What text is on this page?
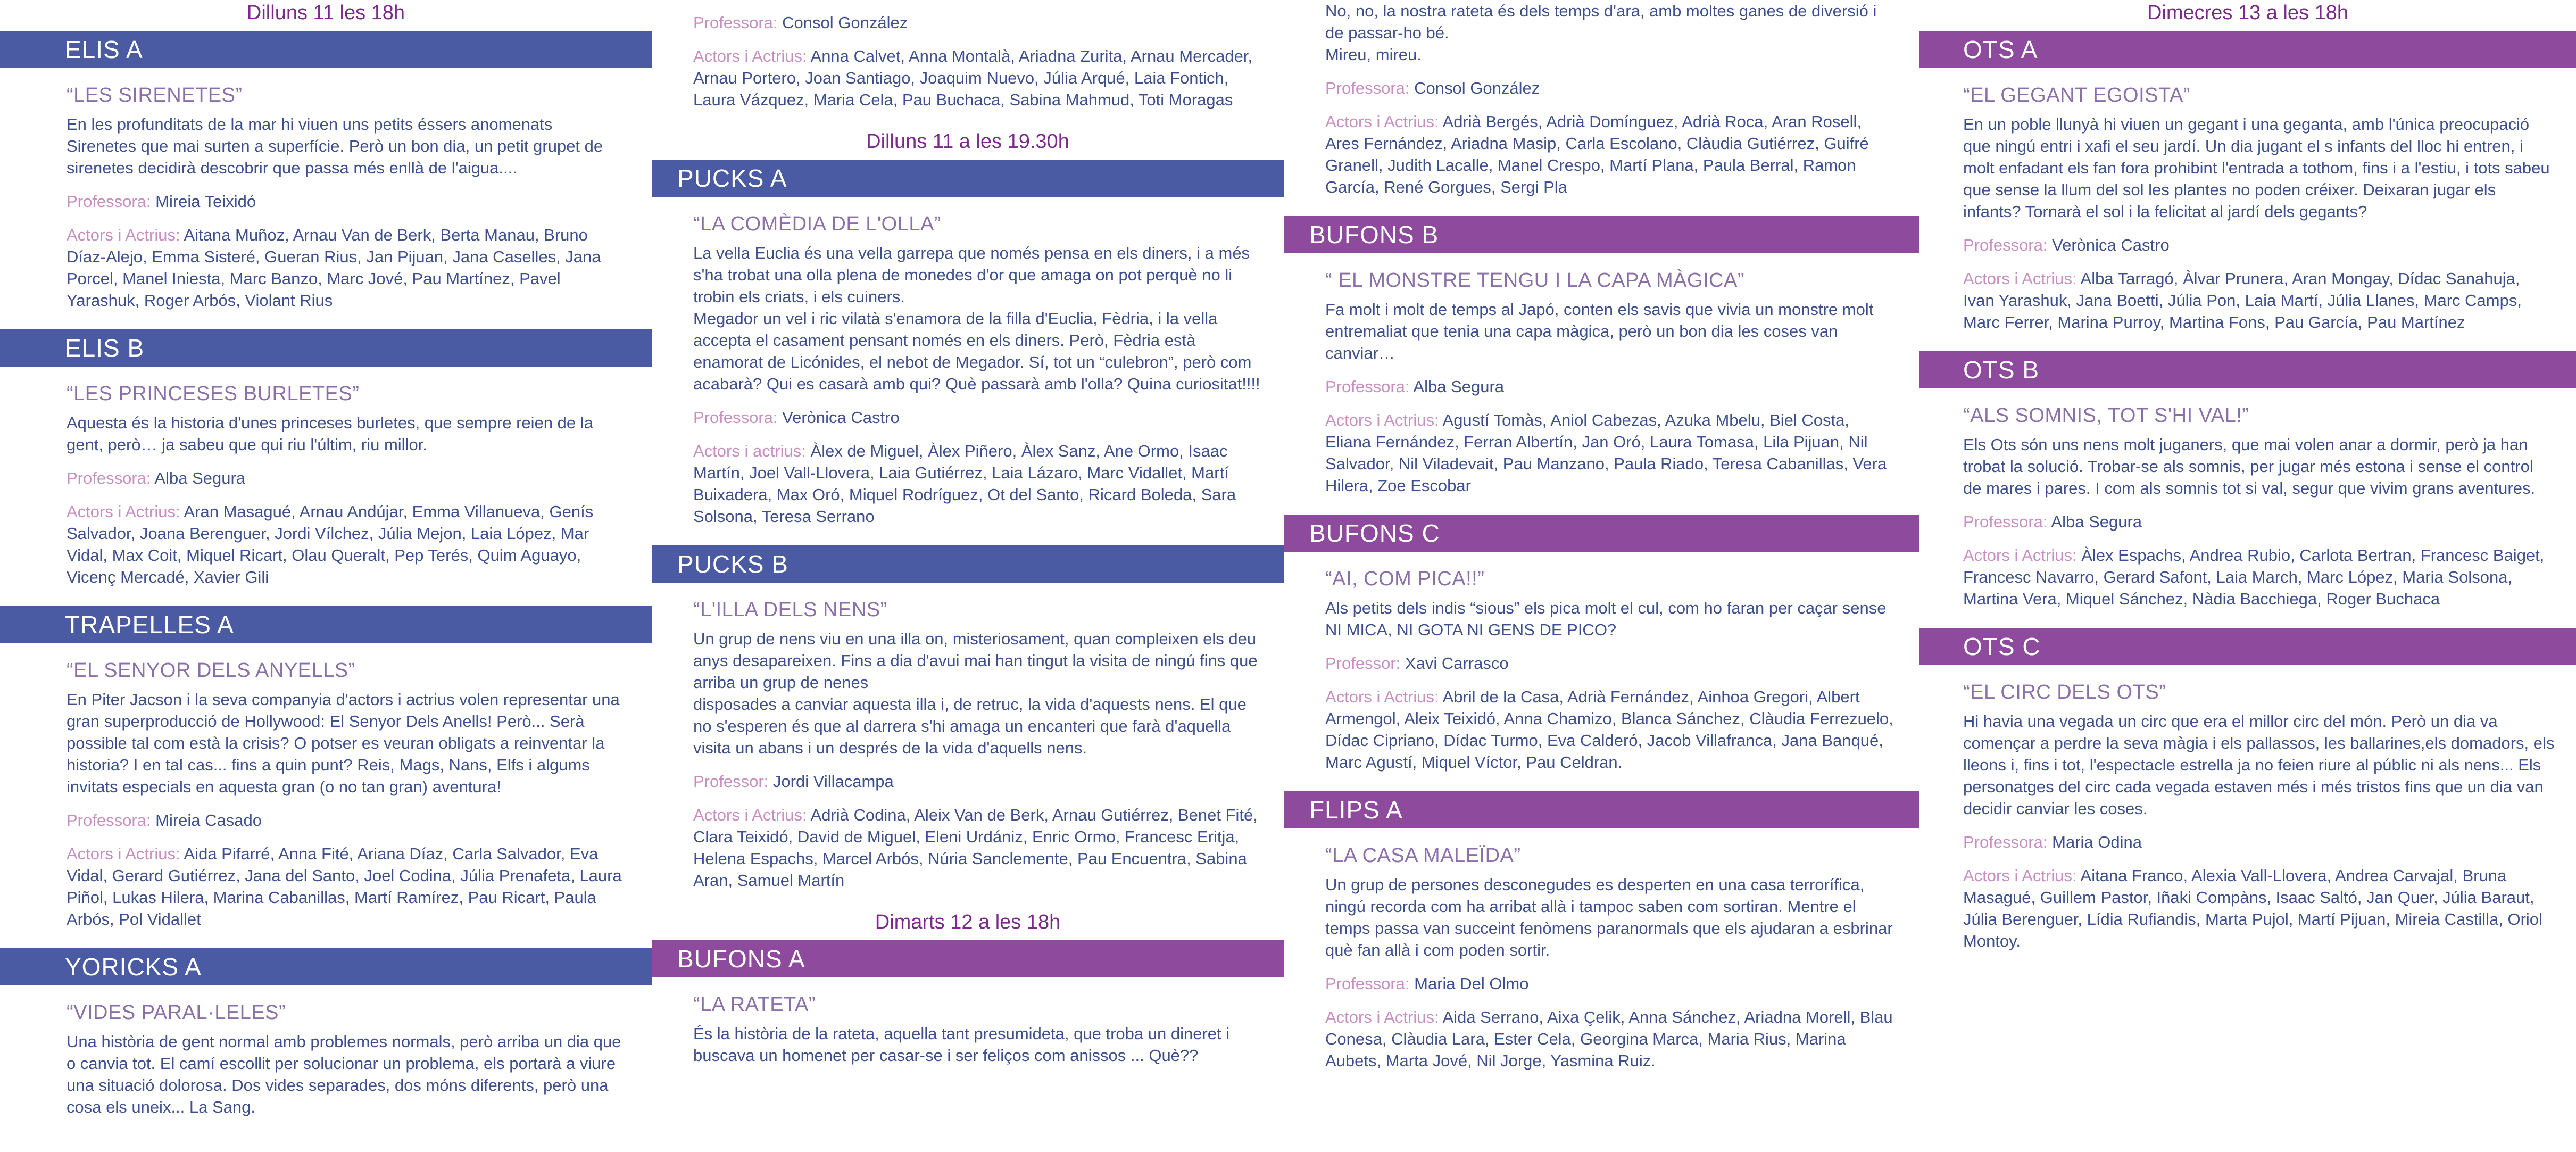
Dilluns 11 les 18h
ELIS A
“LES SIRENETES”
En les profunditats de la mar hi viuen uns petits éssers anomenats Sirenetes que mai surten a superfície. Però un bon dia, un petit grupet de sirenetes decidirà descobrir que passa més enllà de l'aigua....
Professora: Mireia Teixidó
Actors i Actrius: Aitana Muñoz, Arnau Van de Berk, Berta Manau, Bruno Díaz-Alejo, Emma Sisteré, Gueran Rius, Jan Pijuan, Jana Caselles, Jana Porcel, Manel Iniesta, Marc Banzo, Marc Jové, Pau Martínez, Pavel Yarashuk, Roger Arbós, Violant Rius
ELIS B
“LES PRINCESES BURLETES”
Aquesta és la historia d'unes princeses burletes, que sempre reien de la gent, però… ja sabeu que qui riu l'últim, riu millor.
Professora: Alba Segura
Actors i Actrius: Aran Masagué, Arnau Andújar, Emma Villanueva, Genís Salvador, Joana Berenguer, Jordi Vílchez, Júlia Mejon, Laia López, Mar Vidal, Max Coit, Miquel Ricart, Olau Queralt, Pep Terés, Quim Aguayo, Vicenç Mercadé, Xavier Gili
TRAPELLES A
“EL SENYOR DELS ANYELLS”
En Piter Jacson i la seva companyia d'actors i actrius volen representar una gran superproducció de Hollywood: El Senyor Dels Anells! Però... Serà possible tal com està la crisis? O potser es veuran obligats a reinventar la historia? I en tal cas... fins a quin punt? Reis, Mags, Nans, Elfs i algums invitats especials en aquesta gran (o no tan gran) aventura!
Professora: Mireia Casado
Actors i Actrius: Aida Pifarré, Anna Fité, Ariana Díaz, Carla Salvador, Eva Vidal, Gerard Gutiérrez, Jana del Santo, Joel Codina, Júlia Prenafeta, Laura Piñol, Lukas Hilera, Marina Cabanillas, Martí Ramírez, Pau Ricart, Paula Arbós, Pol Vidallet
YORICKS A
“VIDES PARAL·LELES”
Una història de gent normal amb problemes normals, però arriba un dia que o canvia tot. El camí escollit per solucionar un problema, els portarà a viure una situació dolorosa. Dos vides separades, dos móns diferents, però una cosa els uneix... La Sang.
Professora: Consol González
Actors i Actrius: Anna Calvet, Anna Montalà, Ariadna Zurita, Arnau Mercader, Arnau Portero, Joan Santiago, Joaquim Nuevo, Júlia Arqué, Laia Fontich, Laura Vázquez, Maria Cela, Pau Buchaca, Sabina Mahmud, Toti Moragas
Dilluns 11 a les 19.30h
PUCKS A
“LA COMÈDIA DE L'OLLA”
La vella Euclia és una vella garrepa que només pensa en els diners, i a més s'ha trobat una olla plena de monedes d'or que amaga on pot perquè no li trobin els criats, i els cuiners.
Megador un vel i ric vilatà s'enamora de la filla d'Euclia, Fèdria, i la vella accepta el casament pensant només en els diners. Però, Fèdria està enamorat de Licónides, el nebot de Megador. Sí, tot un “culebron”, però com acabarà? Qui es casarà amb qui? Què passarà amb l'olla? Quina curiositat!!!!
Professora: Verònica Castro
Actors i actrius: Àlex de Miguel, Àlex Piñero, Àlex Sanz, Ane Ormo, Isaac Martín, Joel Vall-Llovera, Laia Gutiérrez, Laia Lázaro, Marc Vidallet, Martí Buixadera, Max Oró, Miquel Rodríguez, Ot del Santo, Ricard Boleda, Sara Solsona, Teresa Serrano
PUCKS B
“L'ILLA DELS NENS”
Un grup de nens viu en una illa on, misteriosament, quan compleixen els deu anys desapareixen. Fins a dia d'avui mai han tingut la visita de ningú fins que arriba un grup de nenes
disposades a canviar aquesta illa i, de retruc, la vida d'aquests nens. El que no s'esperen és que al darrera s'hi amaga un encanteri que farà d'aquella visita un abans i un després de la vida d'aquells nens.
Professor: Jordi Villacampa
Actors i Actrius: Adrià Codina, Aleix Van de Berk, Arnau Gutiérrez, Benet Fité, Clara Teixidó, David de Miguel, Eleni Urdániz, Enric Ormo, Francesc Eritja, Helena Espachs, Marcel Arbós, Núria Sanclemente, Pau Encuentra, Sabina Aran, Samuel Martín
Dimarts 12 a les 18h
BUFONS A
“LA RATETA”
És la història de la rateta, aquella tant presumideta, que troba un dineret i buscava un homenet per casar-se i ser feliços com anissos ... Què??
No, no, la nostra rateta és dels temps d'ara, amb moltes ganes de diversió i de passar-ho bé.
Mireu, mireu.
Professora: Consol González
Actors i Actrius: Adrià Bergés, Adrià Domínguez, Adrià Roca, Aran Rosell, Ares Fernández, Ariadna Masip, Carla Escolano, Clàudia Gutiérrez, Guifré Granell, Judith Lacalle, Manel Crespo, Martí Plana, Paula Berral, Ramon García, René Gorgues, Sergi Pla
BUFONS B
“ EL MONSTRE TENGU I LA CAPA MÀGICA”
Fa molt i molt de temps al Japó, conten els savis que vivia un monstre molt entremaliat que tenia una capa màgica, però un bon dia les coses van canviar…
Professora: Alba Segura
Actors i Actrius: Agustí Tomàs, Aniol Cabezas, Azuka Mbelu, Biel Costa, Eliana Fernández, Ferran Albertín, Jan Oró, Laura Tomasa, Lila Pijuan, Nil Salvador, Nil Viladevait, Pau Manzano, Paula Riado, Teresa Cabanillas, Vera Hilera, Zoe Escobar
BUFONS C
“AI, COM PICA!!”
Als petits dels indis “sious” els pica molt el cul, com ho faran per caçar sense NI MICA, NI GOTA NI GENS DE PICO?
Professor: Xavi Carrasco
Actors i Actrius: Abril de la Casa, Adrià Fernández, Ainhoa Gregori, Albert Armengol, Aleix Teixidó, Anna Chamizo, Blanca Sánchez, Clàudia Ferrezuelo, Dídac Cipriano, Dídac Turmo, Eva Calderó, Jacob Villafranca, Jana Banqué, Marc Agustí, Miquel Víctor, Pau Celdran.
FLIPS A
“LA CASA MALEÏDA”
Un grup de persones desconegudes es desperten en una casa terrorífica, ningú recorda com ha arribat allà i tampoc saben com sortiran. Mentre el temps passa van succeint fenòmens paranormals que els ajudaran a esbrinar què fan allà i com poden sortir.
Professora: Maria Del Olmo
Actors i Actrius: Aida Serrano, Aixa Çelik, Anna Sánchez, Ariadna Morell, Blau Conesa, Clàudia Lara, Ester Cela, Georgina Marca, Maria Rius, Marina Aubets, Marta Jové, Nil Jorge, Yasmina Ruiz.
Dimecres 13 a les 18h
OTS A
“EL GEGANT EGOISTA”
En un poble llunyà hi viuen un gegant i una geganta, amb l'única preocupació que ningú entri i xafi el seu jardí. Un dia jugant el s infants del lloc hi entren, i molt enfadant els fan fora prohibint l'entrada a tothom, fins i a l'estiu, i tots sabeu que sense la llum del sol les plantes no poden créixer. Deixaran jugar els infants? Tornarà el sol i la felicitat al jardí dels gegants?
Professora: Verònica Castro
Actors i Actrius: Alba Tarragó, Àlvar Prunera, Aran Mongay, Dídac Sanahuja, Ivan Yarashuk, Jana Boetti, Júlia Pon, Laia Martí, Júlia Llanes, Marc Camps, Marc Ferrer, Marina Purroy, Martina Fons, Pau García, Pau Martínez
OTS B
“ALS SOMNIS, TOT S'HI VAL!”
Els Ots són uns nens molt juganers, que mai volen anar a dormir, però ja han trobat la solució. Trobar-se als somnis, per jugar més estona i sense el control de mares i pares. I com als somnis tot si val, segur que vivim grans aventures.
Professora: Alba Segura
Actors i Actrius: Àlex Espachs, Andrea Rubio, Carlota Bertran, Francesc Baiget, Francesc Navarro, Gerard Safont, Laia March, Marc López, Maria Solsona, Martina Vera, Miquel Sánchez, Nàdia Bacchiega, Roger Buchaca
OTS C
“EL CIRC DELS OTS”
Hi havia una vegada un circ que era el millor circ del món. Però un dia va començar a perdre la seva màgia i els pallassos, les ballarines,els domadors, els lleons i, fins i tot, l'espectacle estrella ja no feien riure al públic ni als nens... Els personatges del circ cada vegada estaven més i més tristos fins que un dia van decidir canviar les coses.
Professora: Maria Odina
Actors i Actrius: Aitana Franco, Alexia Vall-Llovera, Andrea Carvajal, Bruna Masagué, Guillem Pastor, Iñaki Compàns, Isaac Saltó, Jan Quer, Júlia Baraut, Júlia Berenguer, Lídia Rufiandis, Marta Pujol, Martí Pijuan, Mireia Castilla, Oriol Montoy.
